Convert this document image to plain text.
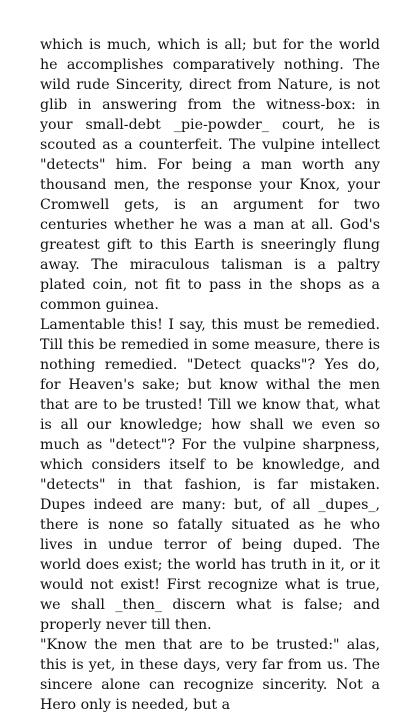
which is much, which is all; but for the world he accomplishes comparatively nothing. The wild rude Sincerity, direct from Nature, is not glib in answering from the witness-box: in your small-debt _pie-powder_ court, he is scouted as a counterfeit. The vulpine intellect "detects" him. For being a man worth any thousand men, the response your Knox, your Cromwell gets, is an argument for two centuries whether he was a man at all. God's greatest gift to this Earth is sneeringly flung away. The miraculous talisman is a paltry plated coin, not fit to pass in the shops as a common guinea.

Lamentable this! I say, this must be remedied. Till this be remedied in some measure, there is nothing remedied. "Detect quacks"? Yes do, for Heaven's sake; but know withal the men that are to be trusted! Till we know that, what is all our knowledge; how shall we even so much as "detect"? For the vulpine sharpness, which considers itself to be knowledge, and "detects" in that fashion, is far mistaken. Dupes indeed are many: but, of all _dupes_, there is none so fatally situated as he who lives in undue terror of being duped. The world does exist; the world has truth in it, or it would not exist! First recognize what is true, we shall _then_ discern what is false; and properly never till then.

"Know the men that are to be trusted:" alas, this is yet, in these days, very far from us. The sincere alone can recognize sincerity. Not a Hero only is needed, but a
